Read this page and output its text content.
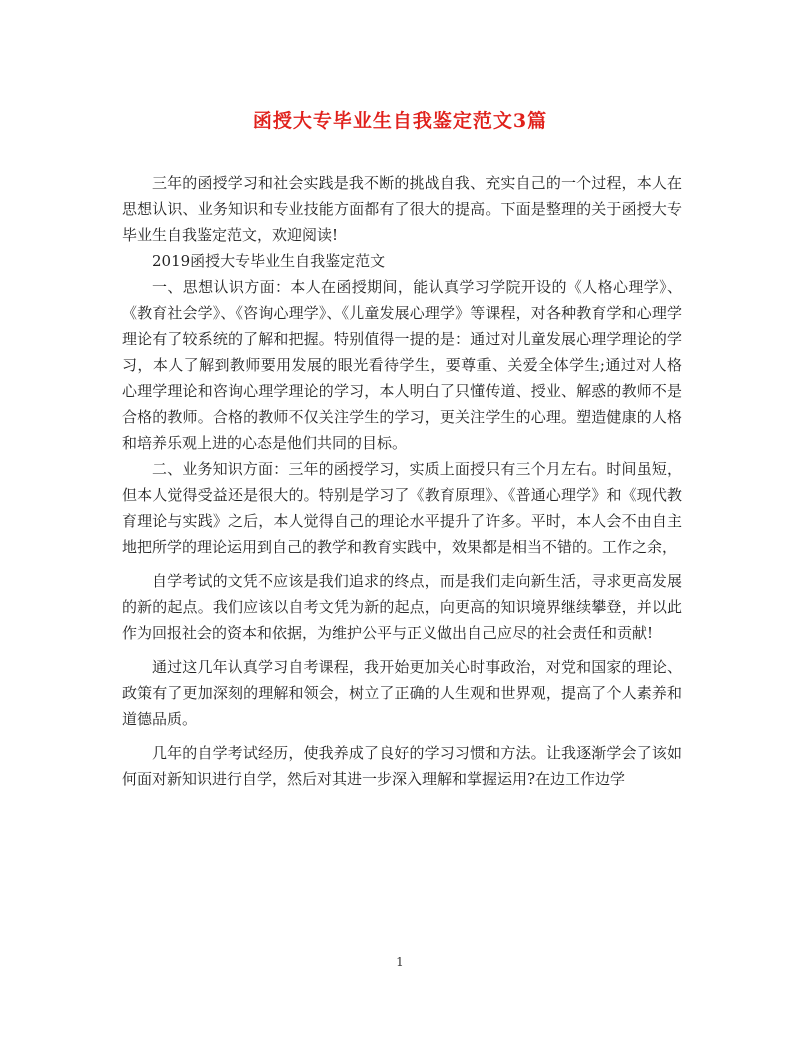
函授大专毕业生自我鉴定范文3篇

三年的函授学习和社会实践是我不断的挑战自我、充实自己的一个过程，本人在思想认识、业务知识和专业技能方面都有了很大的提高。下面是整理的关于函授大专毕业生自我鉴定范文，欢迎阅读!

2019函授大专毕业生自我鉴定范文

一、思想认识方面：本人在函授期间，能认真学习学院开设的《人格心理学》、《教育社会学》、《咨询心理学》、《儿童发展心理学》等课程，对各种教育学和心理学理论有了较系统的了解和把握。特别值得一提的是：通过对儿童发展心理学理论的学习，本人了解到教师要用发展的眼光看待学生，要尊重、关爱全体学生;通过对人格心理学理论和咨询心理学理论的学习，本人明白了只懂传道、授业、解惑的教师不是合格的教师。合格的教师不仅关注学生的学习，更关注学生的心理。塑造健康的人格和培养乐观上进的心态是他们共同的目标。

二、业务知识方面：三年的函授学习，实质上面授只有三个月左右。时间虽短，但本人觉得受益还是很大的。特别是学习了《教育原理》、《普通心理学》和《现代教育理论与实践》之后，本人觉得自己的理论水平提升了许多。平时，本人会不由自主地把所学的理论运用到自己的教学和教育实践中，效果都是相当不错的。工作之余，

自学考试的文凭不应该是我们追求的终点，而是我们走向新生活，寻求更高发展的新的起点。我们应该以自考文凭为新的起点，向更高的知识境界继续攀登，并以此作为回报社会的资本和依据，为维护公平与正义做出自己应尽的社会责任和贡献!

通过这几年认真学习自考课程，我开始更加关心时事政治，对党和国家的理论、政策有了更加深刻的理解和领会，树立了正确的人生观和世界观，提高了个人素养和道德品质。

几年的自学考试经历，使我养成了良好的学习习惯和方法。让我逐渐学会了该如何面对新知识进行自学，然后对其进一步深入理解和掌握运用?在边工作边学

1
